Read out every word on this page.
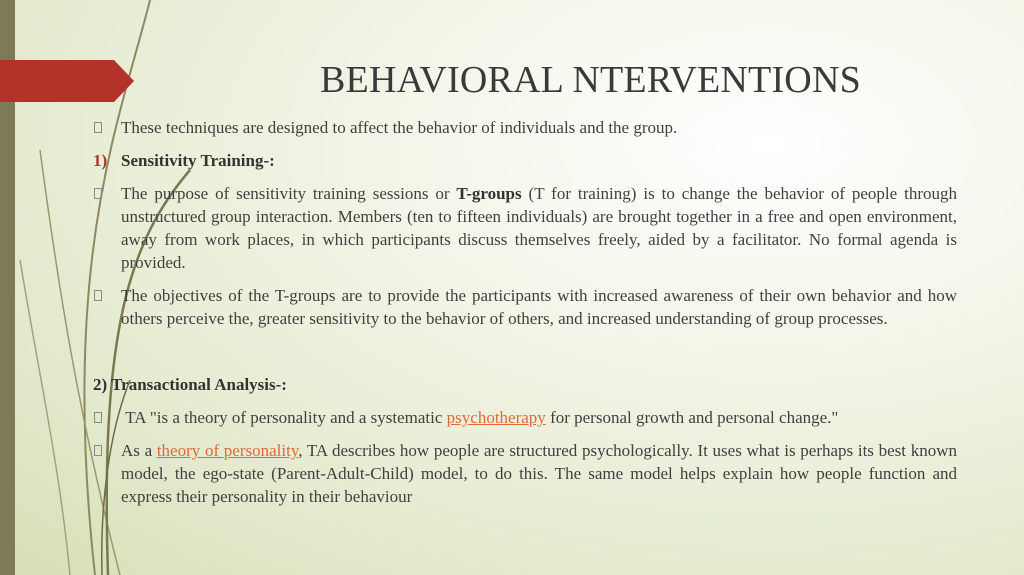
BEHAVIORAL NTERVENTIONS
These techniques are designed to affect the behavior of individuals and the group.
1) Sensitivity Training-:
The purpose of sensitivity training sessions or T-groups (T for training) is to change the behavior of people through unstructured group interaction. Members (ten to fifteen individuals) are brought together in a free and open environment, away from work places, in which participants discuss themselves freely, aided by a facilitator. No formal agenda is provided.
The objectives of the T-groups are to provide the participants with increased awareness of their own behavior and how others perceive the, greater sensitivity to the behavior of others, and increased understanding of group processes.
2) Transactional Analysis-:
TA "is a theory of personality and a systematic psychotherapy for personal growth and personal change."
As a theory of personality, TA describes how people are structured psychologically. It uses what is perhaps its best known model, the ego-state (Parent-Adult-Child) model, to do this. The same model helps explain how people function and express their personality in their behaviour
